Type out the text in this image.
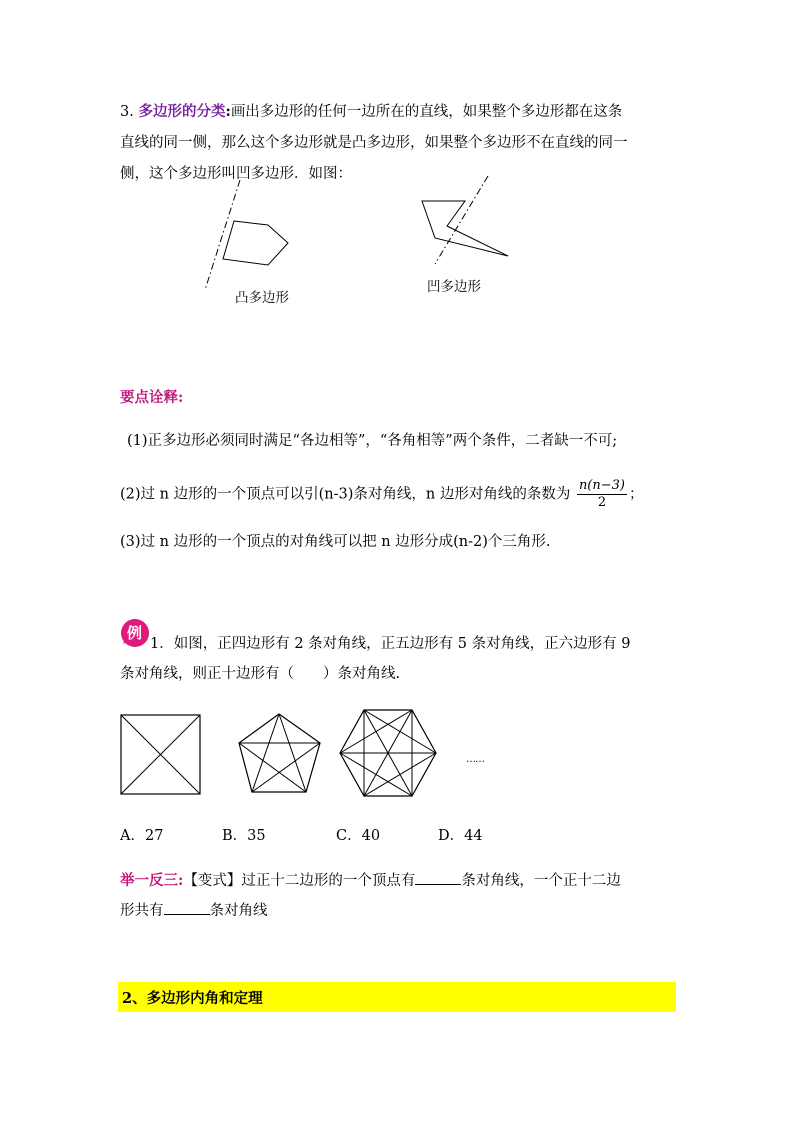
3. 多边形的分类:画出多边形的任何一边所在的直线，如果整个多边形都在这条
直线的同一侧，那么这个多边形就是凸多边形，如果整个多边形不在直线的同一
侧，这个多边形叫凹多边形．如图：
凸多边形
凹多边形
要点诠释:
(1)正多边形必须同时满足“各边相等”，“各角相等”两个条件，二者缺一不可;
(2)过 n 边形的一个顶点可以引(n-3)条对角线，n 边形对角线的条数为 $\frac{n(n-3)}{2}$ ；
(3)过 n 边形的一个顶点的对角线可以把 n 边形分成(n-2)个三角形.
例
1．如图，正四边形有 2 条对角线，正五边形有 5 条对角线，正六边形有 9
条对角线，则正十边形有（　　）条对角线.
……
A．27	B．35	C．40	D．44
举一反三:【变式】过正十二边形的一个顶点有	条对角线，一个正十二边
形共有	条对角线
2、多边形内角和定理
